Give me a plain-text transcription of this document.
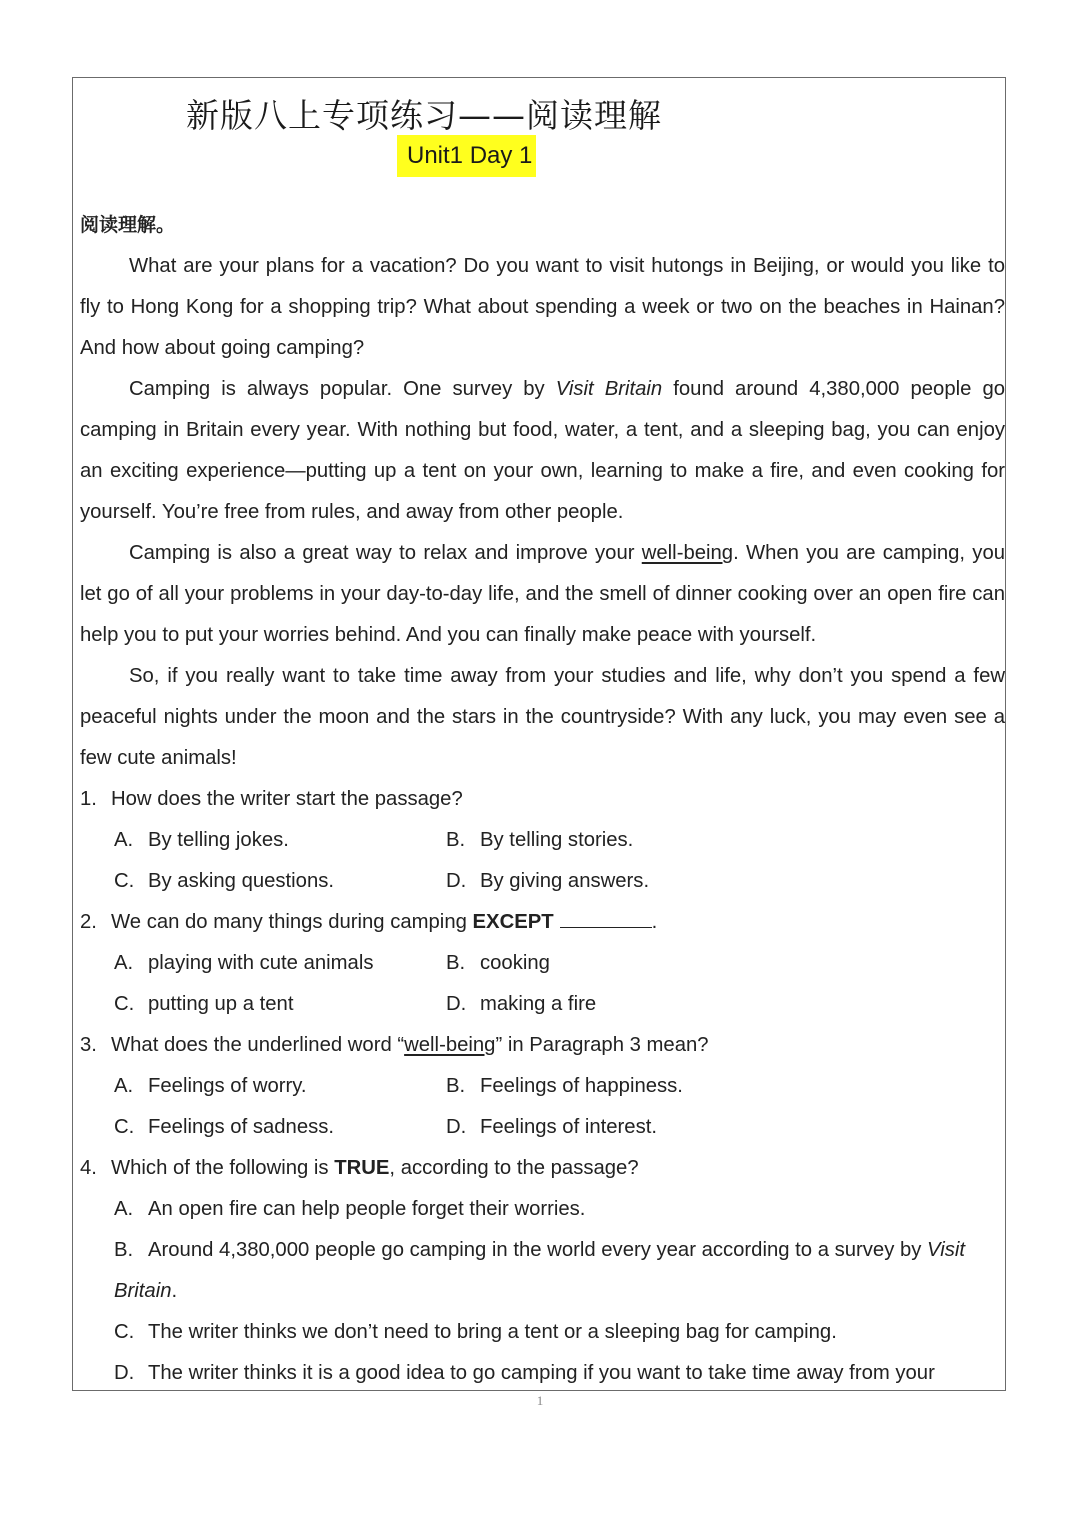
新版八上专项练习——阅读理解
Unit1 Day 1
阅读理解。

What are your plans for a vacation? Do you want to visit hutongs in Beijing, or would you like to fly to Hong Kong for a shopping trip? What about spending a week or two on the beaches in Hainan? And how about going camping?

Camping is always popular. One survey by Visit Britain found around 4,380,000 people go camping in Britain every year. With nothing but food, water, a tent, and a sleeping bag, you can enjoy an exciting experience—putting up a tent on your own, learning to make a fire, and even cooking for yourself. You’re free from rules, and away from other people.

Camping is also a great way to relax and improve your well-being. When you are camping, you let go of all your problems in your day-to-day life, and the smell of dinner cooking over an open fire can help you to put your worries behind. And you can finally make peace with yourself.

So, if you really want to take time away from your studies and life, why don’t you spend a few peaceful nights under the moon and the stars in the countryside? With any luck, you may even see a few cute animals!

1. How does the writer start the passage?
A. By telling jokes.	B. By telling stories.
C. By asking questions.	D. By giving answers.
2. We can do many things during camping EXCEPT	.
A. playing with cute animals	B. cooking
C. putting up a tent	D. making a fire
3. What does the underlined word “well-being” in Paragraph 3 mean?
A. Feelings of worry.	B. Feelings of happiness.
C. Feelings of sadness.	D. Feelings of interest.
4. Which of the following is TRUE, according to the passage?
A. An open fire can help people forget their worries.
B. Around 4,380,000 people go camping in the world every year according to a survey by Visit Britain.
C. The writer thinks we don’t need to bring a tent or a sleeping bag for camping.
D. The writer thinks it is a good idea to go camping if you want to take time away from your
1
